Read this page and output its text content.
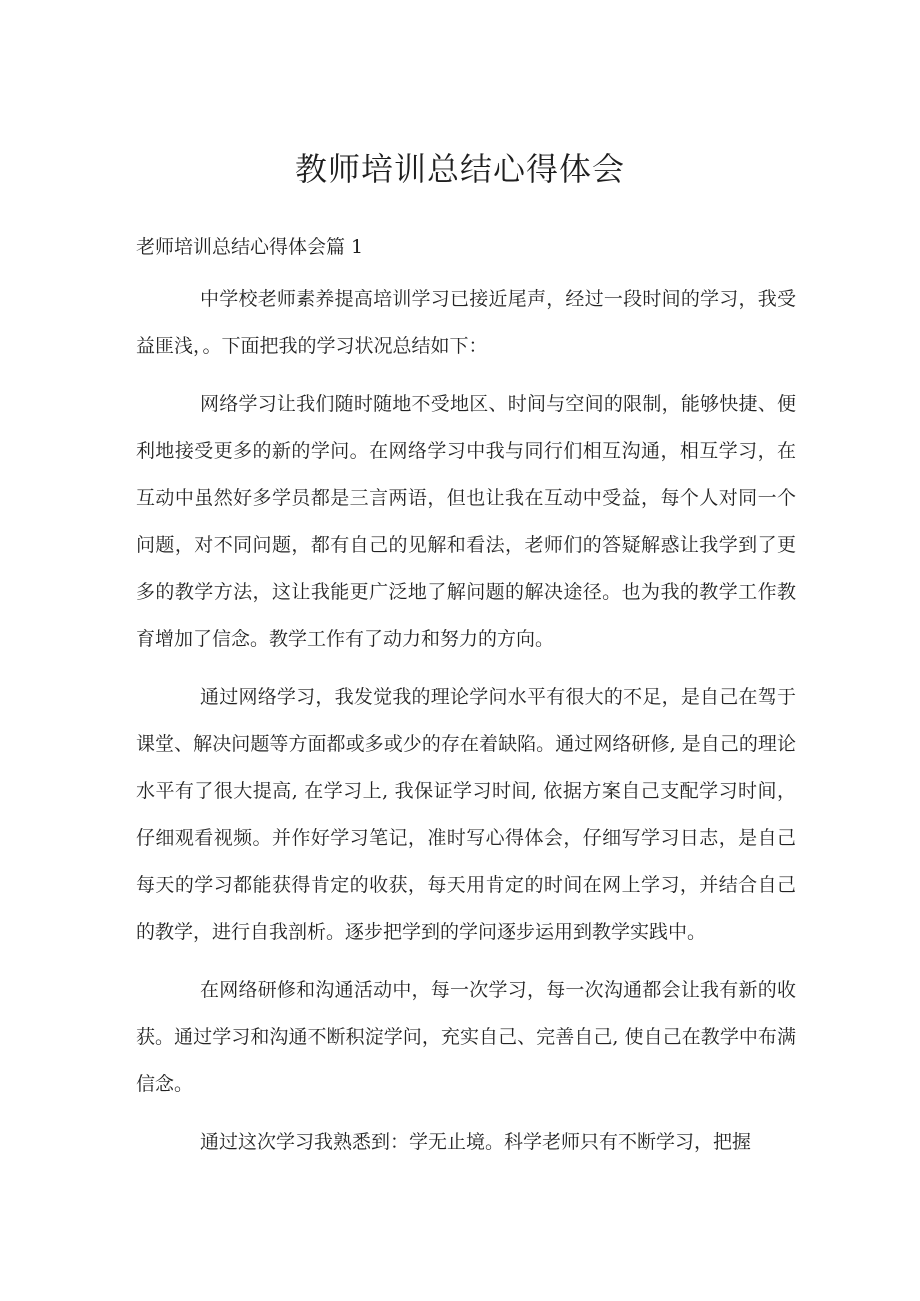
教师培训总结心得体会
老师培训总结心得体会篇 1

中学校老师素养提高培训学习已接近尾声，经过一段时间的学习，我受益匪浅，。下面把我的学习状况总结如下：

网络学习让我们随时随地不受地区、时间与空间的限制，能够快捷、便利地接受更多的新的学问。在网络学习中我与同行们相互沟通，相互学习，在互动中虽然好多学员都是三言两语，但也让我在互动中受益，每个人对同一个问题，对不同问题，都有自己的见解和看法，老师们的答疑解惑让我学到了更多的教学方法，这让我能更广泛地了解问题的解决途径。也为我的教学工作教育增加了信念。教学工作有了动力和努力的方向。

通过网络学习，我发觉我的理论学问水平有很大的不足，是自己在驾于课堂、解决问题等方面都或多或少的存在着缺陷。通过网络研修, 是自己的理论水平有了很大提高, 在学习上, 我保证学习时间, 依据方案自己支配学习时间，仔细观看视频。并作好学习笔记，准时写心得体会，仔细写学习日志，是自己每天的学习都能获得肯定的收获，每天用肯定的时间在网上学习，并结合自己的教学，进行自我剖析。逐步把学到的学问逐步运用到教学实践中。

在网络研修和沟通活动中，每一次学习，每一次沟通都会让我有新的收获。通过学习和沟通不断积淀学问，充实自己、完善自己, 使自己在教学中布满信念。

通过这次学习我熟悉到：学无止境。科学老师只有不断学习，把握
